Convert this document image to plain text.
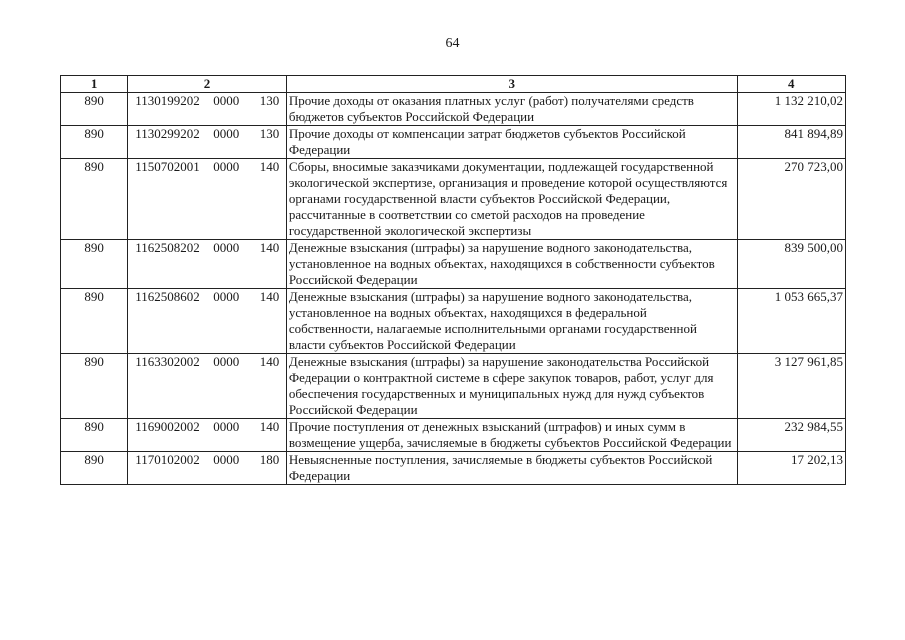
64
1	2	3	4
890	1130199202 0000 130	Прочие доходы от оказания платных услуг (работ) получателями средств бюджетов субъектов Российской Федерации	1 132 210,02
890	1130299202 0000 130	Прочие доходы от компенсации затрат бюджетов субъектов Российской Федерации	841 894,89
890	1150702001 0000 140	Сборы, вносимые заказчиками документации, подлежащей государственной экологической экспертизе, организация и проведение которой осуществляются органами государственной власти субъектов Российской Федерации, рассчитанные в соответствии со сметой расходов на проведение государственной экологической экспертизы	270 723,00
890	1162508202 0000 140	Денежные взыскания (штрафы) за нарушение водного законодательства, установленное на водных объектах, находящихся в собственности субъектов Российской Федерации	839 500,00
890	1162508602 0000 140	Денежные взыскания (штрафы) за нарушение водного законодательства, установленное на водных объектах, находящихся в федеральной собственности, налагаемые исполнительными органами государственной власти субъектов Российской Федерации	1 053 665,37
890	1163302002 0000 140	Денежные взыскания (штрафы) за нарушение законодательства Российской Федерации о контрактной системе в сфере закупок товаров, работ, услуг для обеспечения государственных и муниципальных нужд для нужд субъектов Российской Федерации	3 127 961,85
890	1169002002 0000 140	Прочие поступления от денежных взысканий (штрафов) и иных сумм в возмещение ущерба, зачисляемые в бюджеты субъектов Российской Федерации	232 984,55
890	1170102002 0000 180	Невыясненные поступления, зачисляемые в бюджеты субъектов Российской Федерации	17 202,13
